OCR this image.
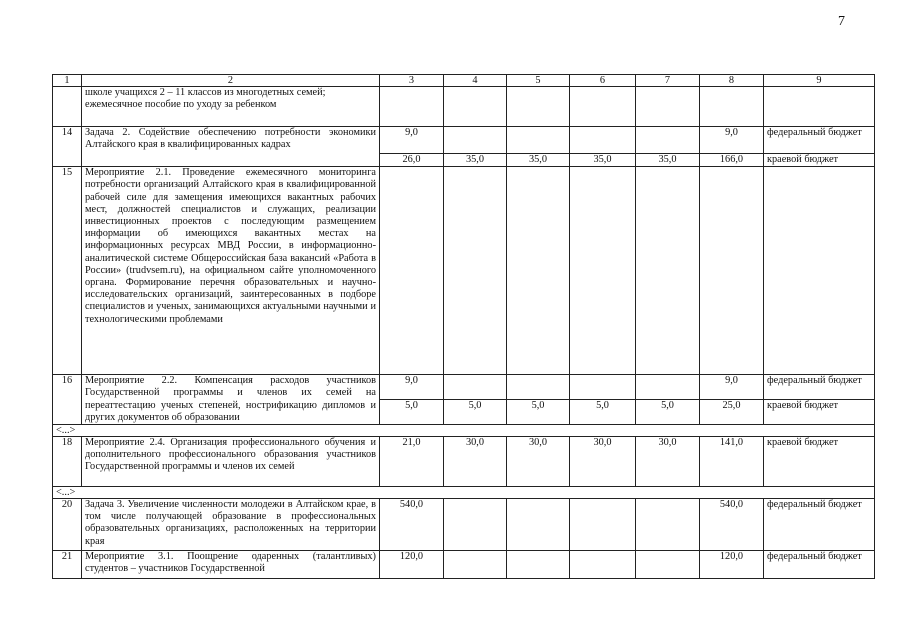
7
1	2	3	4	5	6	7	8	9
	школе учащихся 2 – 11 классов из многодетных семей;
ежемесячное пособие по уходу за ребенком							
14	Задача 2. Содействие обеспечению потребности экономики Алтайского края в квалифицированных кадрах	9,0					9,0	федеральный бюджет
		26,0	35,0	35,0	35,0	35,0	166,0	краевой бюджет
15	Мероприятие 2.1. Проведение ежемесячного мониторинга потребности организаций Алтайского края в квалифицированной рабочей силе для замещения имеющихся вакантных рабочих мест, должностей специалистов и служащих, реализации инвестиционных проектов с последующим размещением информации об имеющихся вакантных местах на информационных ресурсах МВД России, в информационно-аналитической системе Общероссийская база вакансий «Работа в России» (trudvsem.ru), на официальном сайте уполномоченного органа. Формирование перечня образовательных и научно-исследовательских организаций, заинтересованных в подборе специалистов и ученых, занимающихся актуальными научными и технологическими проблемами							
16	Мероприятие 2.2. Компенсация расходов участников Государственной программы и членов их семей на переаттестацию ученых степеней, нострификацию дипломов и других документов об образовании	9,0					9,0	федеральный бюджет
		5,0	5,0	5,0	5,0	5,0	25,0	краевой бюджет
<...>								
18	Мероприятие 2.4. Организация профессионального обучения и дополнительного профессионального образования участников Государственной программы и членов их семей	21,0	30,0	30,0	30,0	30,0	141,0	краевой бюджет
<...>								
20	Задача 3. Увеличение численности молодежи в Алтайском крае, в том числе получающей образование в профессиональных образовательных организациях, расположенных на территории края	540,0					540,0	федеральный бюджет
21	Мероприятие 3.1. Поощрение одаренных (талантливых) студентов – участников Государственной	120,0					120,0	федеральный бюджет
